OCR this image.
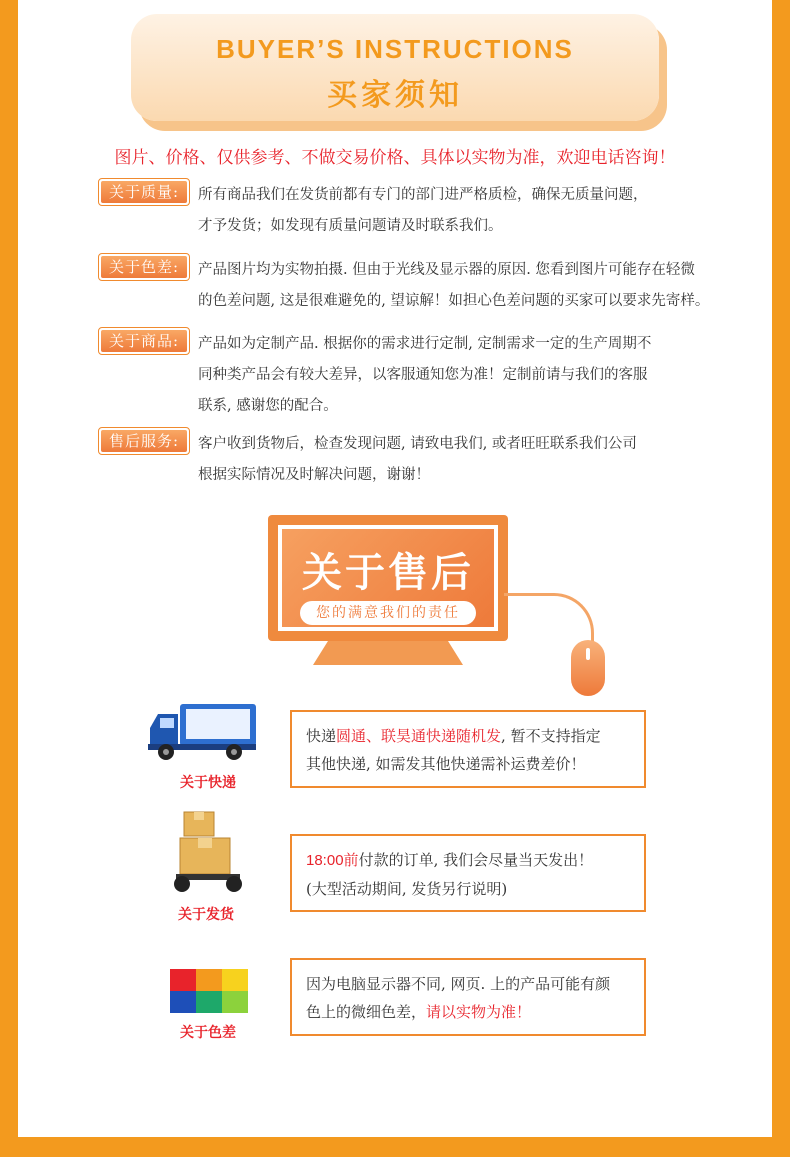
BUYER’S INSTRUCTIONS
买家须知
图片、价格、仅供参考、不做交易价格、具体以实物为准，欢迎电话咨询！
关于质量:	所有商品我们在发货前都有专门的部门进严格质检，确保无质量问题，
才予发货；如发现有质量问题请及时联系我们。
关于色差:	产品图片均为实物拍摄. 但由于光线及显示器的原因. 您看到图片可能存在轻微
的色差问题, 这是很难避免的, 望谅解！如担心色差问题的买家可以要求先寄样。
关于商品:	产品如为定制产品. 根据你的需求进行定制, 定制需求一定的生产周期不
同种类产品会有较大差异，以客服通知您为准！定制前请与我们的客服
联系, 感谢您的配合。
售后服务:	客户收到货物后，检查发现问题, 请致电我们, 或者旺旺联系我们公司
根据实际情况及时解决问题，谢谢！
关于售后
您的满意我们的责任
关于快递
快递圆通、联昊通快递随机发, 暂不支持指定
其他快递, 如需发其他快递需补运费差价！
关于发货
18:00前付款的订单, 我们会尽量当天发出！
(大型活动期间, 发货另行说明)
关于色差
因为电脑显示器不同, 网页. 上的产品可能有颜
色上的微细色差，请以实物为准！
